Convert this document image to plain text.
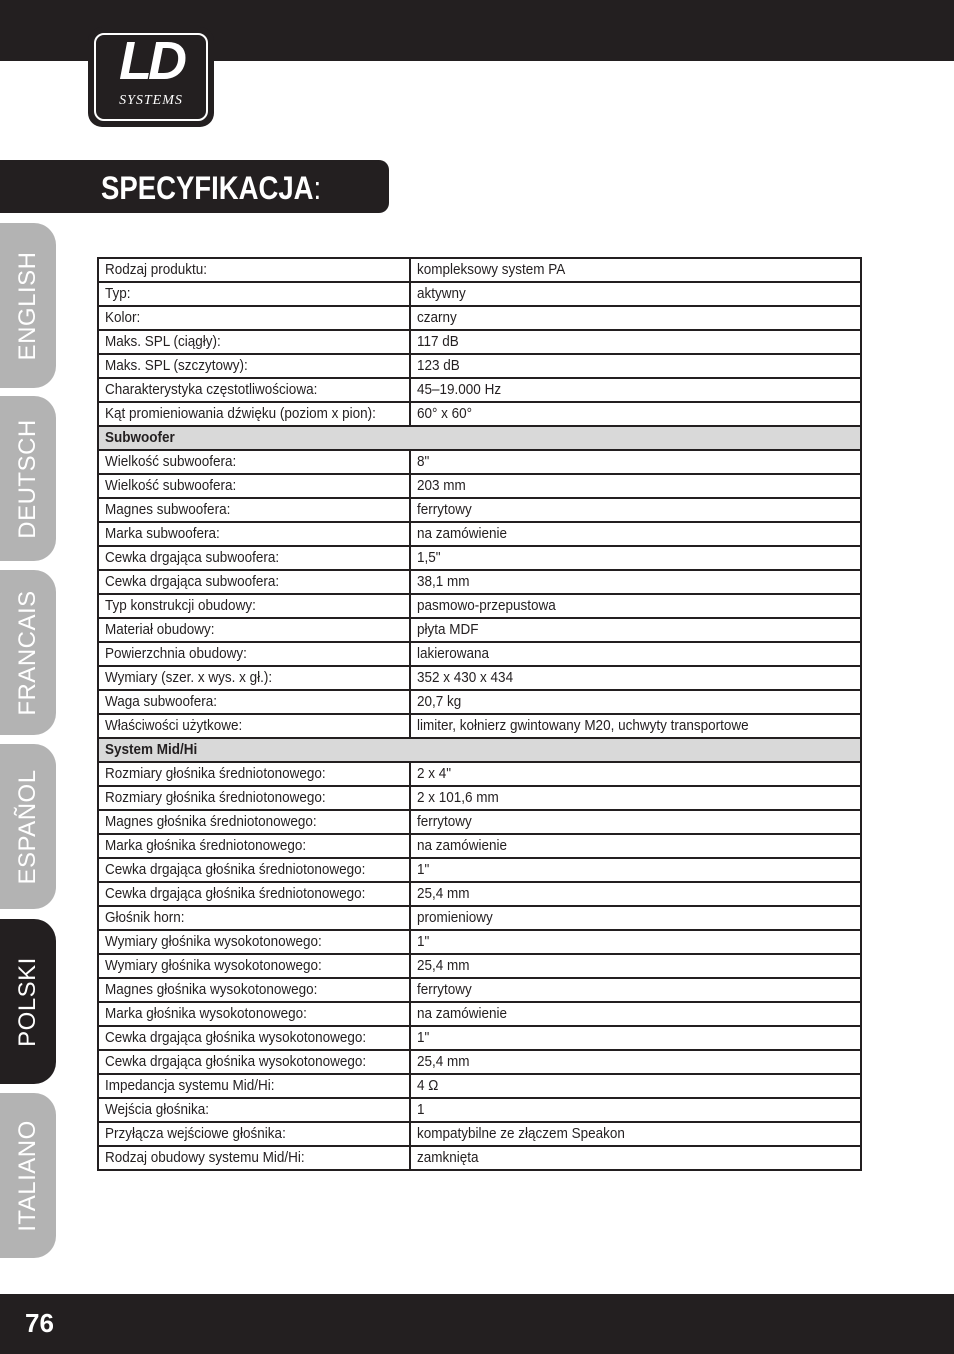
LD
SYSTEMS
SPECYFIKACJA:
ENGLISH
DEUTSCH
FRANCAIS
ESPAÑOL
POLSKI
ITALIANO
Rodzaj produktu:	kompleksowy system PA
Typ:	aktywny
Kolor:	czarny
Maks. SPL (ciągły):	117 dB
Maks. SPL (szczytowy):	123 dB
Charakterystyka częstotliwościowa:	45–19.000 Hz
Kąt promieniowania dźwięku (poziom x pion):	60° x 60°
Subwoofer	
Wielkość subwoofera:	8"
Wielkość subwoofera:	203 mm
Magnes subwoofera:	ferrytowy
Marka subwoofera:	na zamówienie
Cewka drgająca subwoofera:	1,5"
Cewka drgająca subwoofera:	38,1 mm
Typ konstrukcji obudowy:	pasmowo-przepustowa
Materiał obudowy:	płyta MDF
Powierzchnia obudowy:	lakierowana
Wymiary (szer. x wys. x gł.):	352 x 430 x 434
Waga subwoofera:	20,7 kg
Właściwości użytkowe:	limiter, kołnierz gwintowany M20, uchwyty transportowe
System Mid/Hi	
Rozmiary głośnika średniotonowego:	2 x 4"
Rozmiary głośnika średniotonowego:	2 x 101,6 mm
Magnes głośnika średniotonowego:	ferrytowy
Marka głośnika średniotonowego:	na zamówienie
Cewka drgająca głośnika średniotonowego:	1"
Cewka drgająca głośnika średniotonowego:	25,4 mm
Głośnik horn:	promieniowy
Wymiary głośnika wysokotonowego:	1"
Wymiary głośnika wysokotonowego:	25,4 mm
Magnes głośnika wysokotonowego:	ferrytowy
Marka głośnika wysokotonowego:	na zamówienie
Cewka drgająca głośnika wysokotonowego:	1"
Cewka drgająca głośnika wysokotonowego:	25,4 mm
Impedancja systemu Mid/Hi:	4 Ω
Wejścia głośnika:	1
Przyłącza wejściowe głośnika:	kompatybilne ze złączem Speakon
Rodzaj obudowy systemu Mid/Hi:	zamknięta
76
